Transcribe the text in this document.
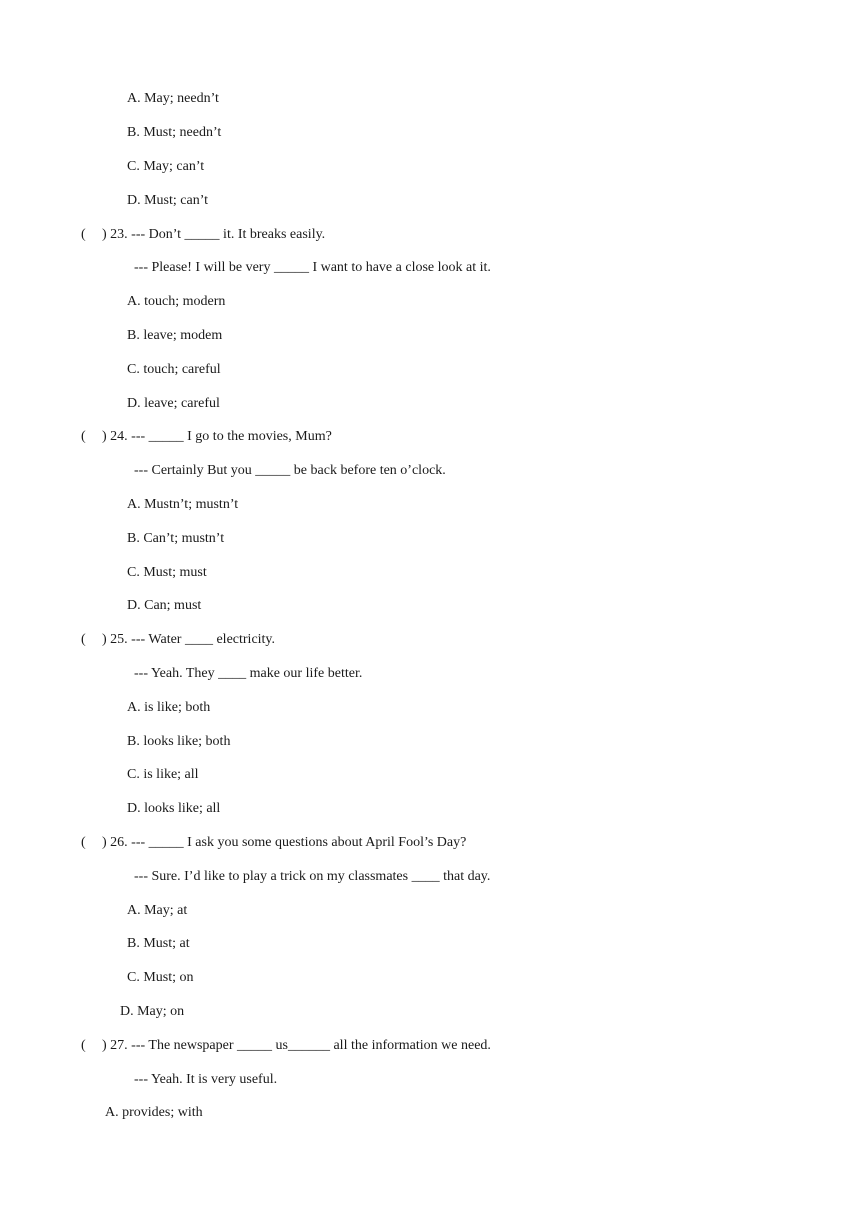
A. May; needn’t
B. Must; needn’t
C. May; can’t
D. Must; can’t
( ) 23. --- Don’t _____ it. It breaks easily.
--- Please! I will be very _____ I want to have a close look at it.
A. touch; modern
B. leave; modem
C. touch; careful
D. leave; careful
( ) 24. --- _____ I go to the movies, Mum?
--- Certainly But you _____ be back before ten o’clock.
A. Mustn’t; mustn’t
B. Can’t; mustn’t
C. Must; must
D. Can; must
( ) 25. --- Water ____ electricity.
--- Yeah. They ____ make our life better.
A. is like; both
B. looks like; both
C. is like; all
D. looks like; all
( ) 26. --- _____ I ask you some questions about April Fool’s Day?
--- Sure. I’d like to play a trick on my classmates ____ that day.
A. May; at
B. Must; at
C. Must; on
D. May; on
( ) 27. --- The newspaper _____ us______ all the information we need.
--- Yeah. It is very useful.
A. provides; with
